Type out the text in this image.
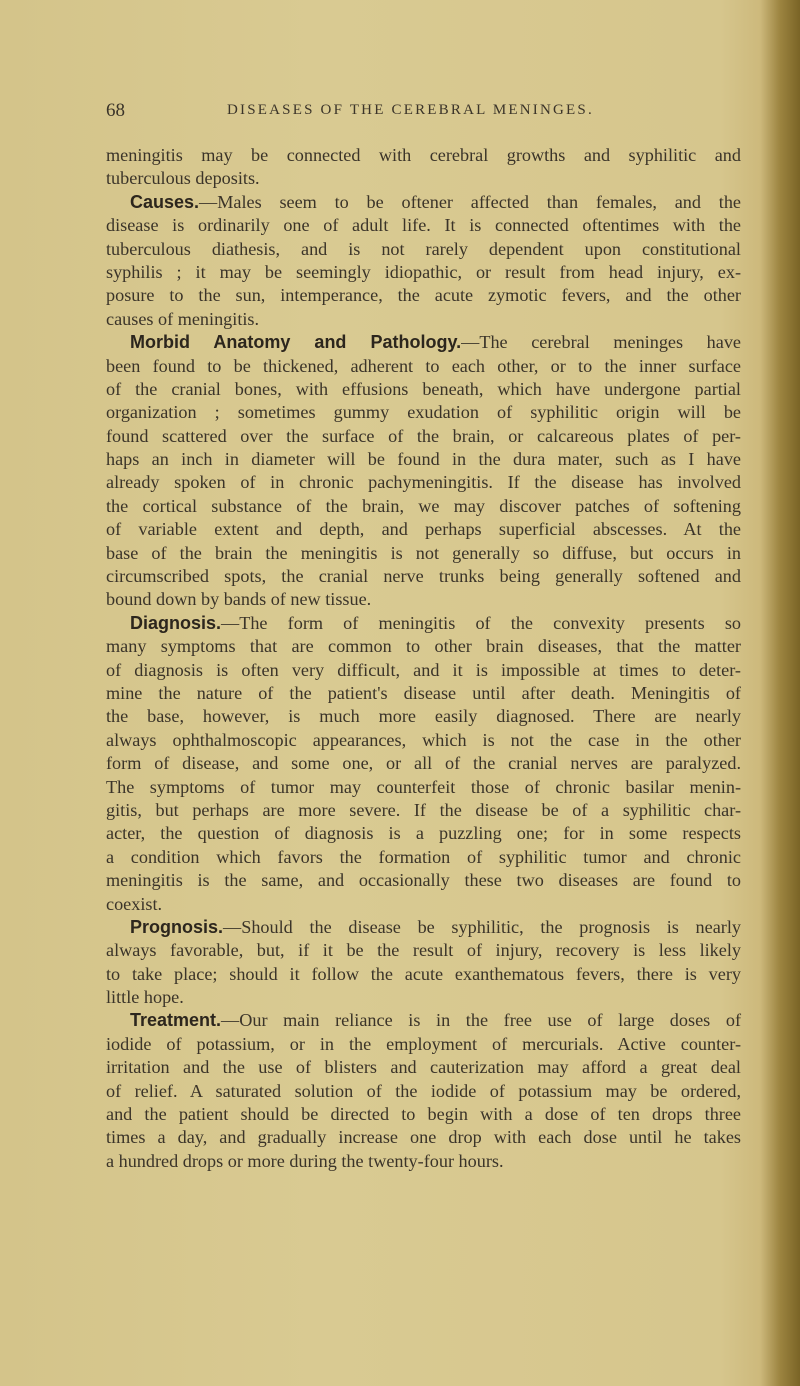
68	DISEASES OF THE CEREBRAL MENINGES.
meningitis may be connected with cerebral growths and syphilitic and
tuberculous deposits.
Causes.—Males seem to be oftener affected than females, and the
disease is ordinarily one of adult life. It is connected oftentimes with the
tuberculous diathesis, and is not rarely dependent upon constitutional
syphilis ; it may be seemingly idiopathic, or result from head injury, ex-
posure to the sun, intemperance, the acute zymotic fevers, and the other
causes of meningitis.
Morbid Anatomy and Pathology.—The cerebral meninges have
been found to be thickened, adherent to each other, or to the inner surface
of the cranial bones, with effusions beneath, which have undergone partial
organization ; sometimes gummy exudation of syphilitic origin will be
found scattered over the surface of the brain, or calcareous plates of per-
haps an inch in diameter will be found in the dura mater, such as I have
already spoken of in chronic pachymeningitis. If the disease has involved
the cortical substance of the brain, we may discover patches of softening
of variable extent and depth, and perhaps superficial abscesses. At the
base of the brain the meningitis is not generally so diffuse, but occurs in
circumscribed spots, the cranial nerve trunks being generally softened and
bound down by bands of new tissue.
Diagnosis.—The form of meningitis of the convexity presents so
many symptoms that are common to other brain diseases, that the matter
of diagnosis is often very difficult, and it is impossible at times to deter-
mine the nature of the patient's disease until after death. Meningitis of
the base, however, is much more easily diagnosed. There are nearly
always ophthalmoscopic appearances, which is not the case in the other
form of disease, and some one, or all of the cranial nerves are paralyzed.
The symptoms of tumor may counterfeit those of chronic basilar menin-
gitis, but perhaps are more severe. If the disease be of a syphilitic char-
acter, the question of diagnosis is a puzzling one; for in some respects
a condition which favors the formation of syphilitic tumor and chronic
meningitis is the same, and occasionally these two diseases are found to
coexist.
Prognosis.—Should the disease be syphilitic, the prognosis is nearly
always favorable, but, if it be the result of injury, recovery is less likely
to take place; should it follow the acute exanthematous fevers, there is very
little hope.
Treatment.—Our main reliance is in the free use of large doses of
iodide of potassium, or in the employment of mercurials. Active counter-
irritation and the use of blisters and cauterization may afford a great deal
of relief. A saturated solution of the iodide of potassium may be ordered,
and the patient should be directed to begin with a dose of ten drops three
times a day, and gradually increase one drop with each dose until he takes
a hundred drops or more during the twenty-four hours.
